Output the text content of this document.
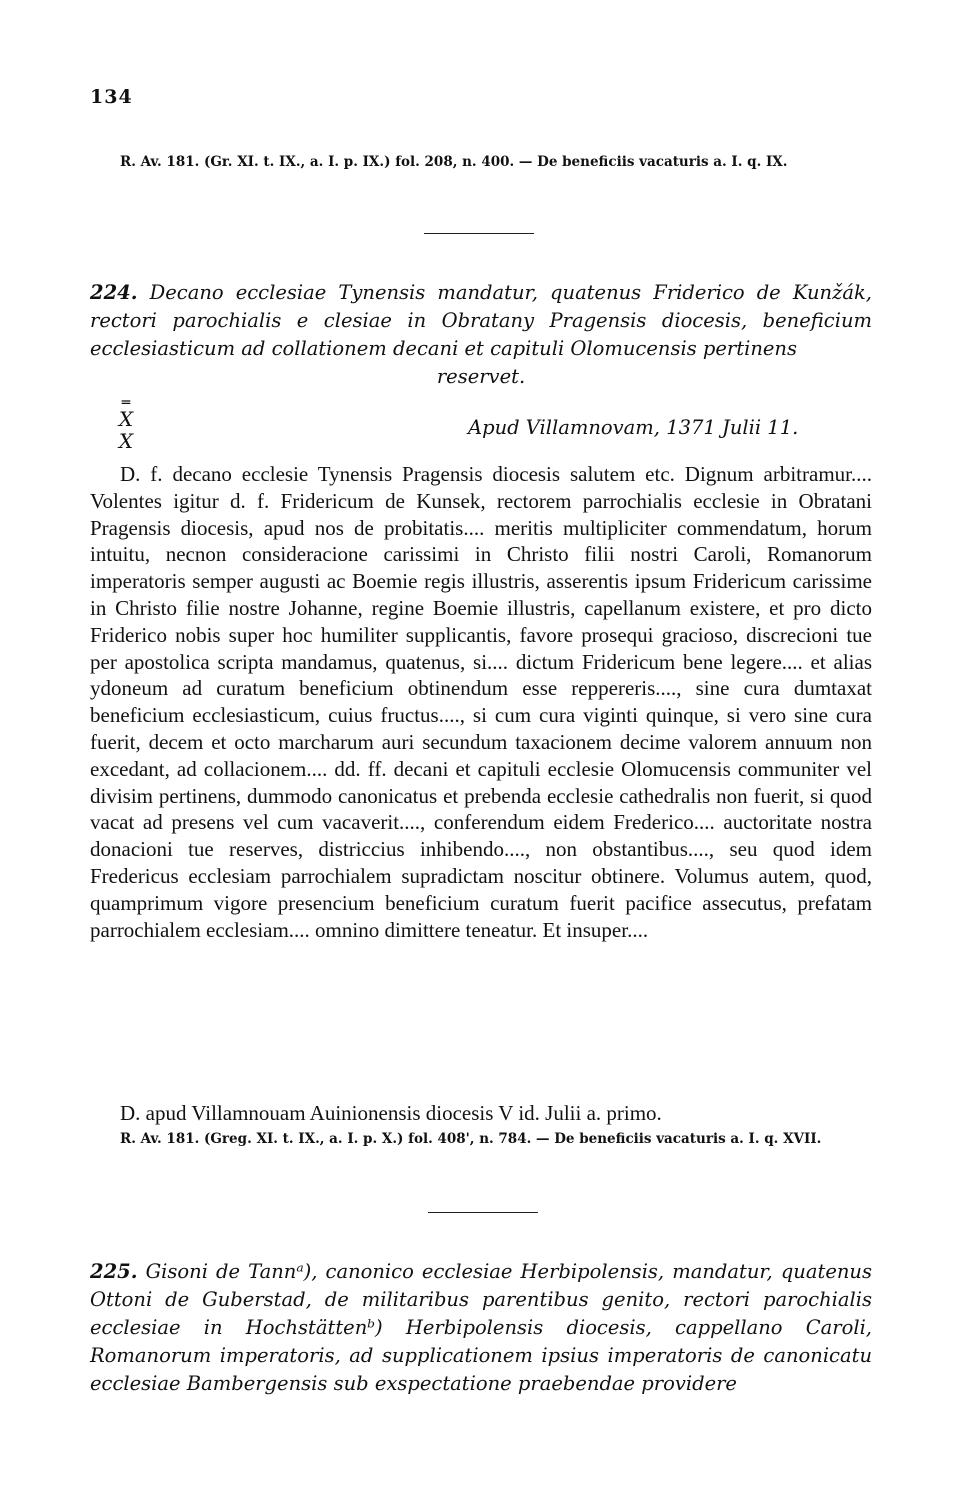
134
R. Av. 181. (Gr. XI. t. IX., a. I. p. IX.) fol. 208, n. 400. — De beneficiis vacaturis a. I. q. IX.
224. Decano ecclesiae Tynensis mandatur, quatenus Friderico de Kunžák, rectori parochialis e clesiae in Obratany Pragensis diocesis, beneficium ecclesiasticum ad collationem decani et capituli Olomucensis pertinens
reservet.
═
X X
Apud Villamnovam, 1371 Julii 11.

D. f. decano ecclesie Tynensis Pragensis diocesis salutem etc. Dignum arbitramur.... Volentes igitur d. f. Fridericum de Kunsek, rectorem parrochialis ecclesie in Obratani Pragensis diocesis, apud nos de probitatis.... meritis multipliciter commendatum, horum intuitu, necnon consideracione carissimi in Christo filii nostri Caroli, Romanorum imperatoris semper augusti ac Boemie regis illustris, asserentis ipsum Fridericum carissime in Christo filie nostre Johanne, regine Boemie illustris, capellanum existere, et pro dicto Friderico nobis super hoc humiliter supplicantis, favore prosequi gracioso, discrecioni tue per apostolica scripta mandamus, quatenus, si.... dictum Fridericum bene legere.... et alias ydoneum ad curatum beneficium obtinendum esse reppereris...., sine cura dumtaxat beneficium ecclesiasticum, cuius fructus...., si cum cura viginti quinque, si vero sine cura fuerit, decem et octo marcharum auri secundum taxacionem decime valorem annuum non excedant, ad collacionem.... dd. ff. decani et capituli ecclesie Olomucensis communiter vel divisim pertinens, dummodo canonicatus et prebenda ecclesie cathedralis non fuerit, si quod vacat ad presens vel cum vacaverit...., conferendum eidem Frederico.... auctoritate nostra donacioni tue reserves, districcius inhibendo...., non obstantibus...., seu quod idem Fredericus ecclesiam parrochialem supradictam noscitur obtinere. Volumus autem, quod, quamprimum vigore presencium beneficium curatum fuerit pacifice assecutus, prefatam parrochialem ecclesiam.... omnino dimittere teneatur. Et insuper....

D. apud Villamnouam Auinionensis diocesis V id. Julii a. primo.
R. Av. 181. (Greg. XI. t. IX., a. I. p. X.) fol. 408', n. 784. — De beneficiis vacaturis a. I. q. XVII.
225. Gisoni de Tannᵃ), canonico ecclesiae Herbipolensis, mandatur, quatenus Ottoni de Guberstad, de militaribus parentibus genito, rectori parochialis ecclesiae in Hochstättenᵇ) Herbipolensis diocesis, cappellano Caroli, Romanorum imperatoris, ad supplicationem ipsius imperatoris de canonicatu ecclesiae Bambergensis sub exspectatione praebendae providere
